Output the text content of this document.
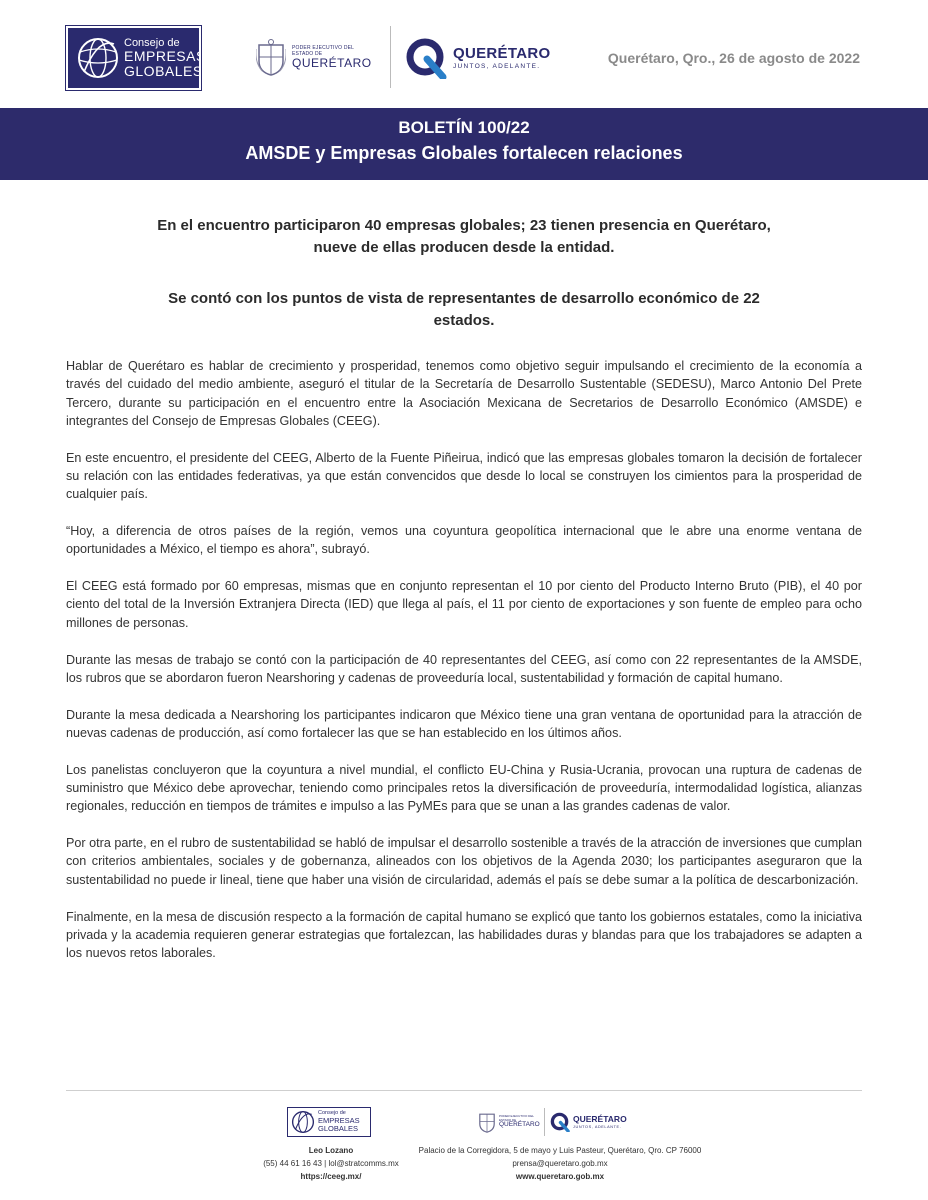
Consejo de
EMPRESAS
GLOBALES
PODER EJECUTIVO DEL ESTADO DE
QUERÉTARO
QUERÉTARO
JUNTOS, ADELANTE.
Querétaro, Qro., 26 de agosto de 2022
BOLETÍN 100/22
AMSDE y Empresas Globales fortalecen relaciones
En el encuentro participaron 40 empresas globales; 23 tienen presencia en Querétaro, nueve de ellas producen desde la entidad.
Se contó con los puntos de vista de representantes de desarrollo económico de 22 estados.

Hablar de Querétaro es hablar de crecimiento y prosperidad, tenemos como objetivo seguir impulsando el crecimiento de la economía a través del cuidado del medio ambiente, aseguró el titular de la Secretaría de Desarrollo Sustentable (SEDESU), Marco Antonio Del Prete Tercero, durante su participación en el encuentro entre la Asociación Mexicana de Secretarios de Desarrollo Económico (AMSDE) e integrantes del Consejo de Empresas Globales (CEEG).

En este encuentro, el presidente del CEEG, Alberto de la Fuente Piñeirua, indicó que las empresas globales tomaron la decisión de fortalecer su relación con las entidades federativas, ya que están convencidos que desde lo local se construyen los cimientos para la prosperidad de cualquier país.

“Hoy, a diferencia de otros países de la región, vemos una coyuntura geopolítica internacional que le abre una enorme ventana de oportunidades a México, el tiempo es ahora”, subrayó.

El CEEG está formado por 60 empresas, mismas que en conjunto representan el 10 por ciento del Producto Interno Bruto (PIB), el 40 por ciento del total de la Inversión Extranjera Directa (IED) que llega al país, el 11 por ciento de exportaciones y son fuente de empleo para ocho millones de personas.

Durante las mesas de trabajo se contó con la participación de 40 representantes del CEEG, así como con 22 representantes de la AMSDE, los rubros que se abordaron fueron Nearshoring y cadenas de proveeduría local, sustentabilidad y formación de capital humano.

Durante la mesa dedicada a Nearshoring los participantes indicaron que México tiene una gran ventana de oportunidad para la atracción de nuevas cadenas de producción, así como fortalecer las que se han establecido en los últimos años.

Los panelistas concluyeron que la coyuntura a nivel mundial, el conflicto EU-China y Rusia-Ucrania, provocan una ruptura de cadenas de suministro que México debe aprovechar, teniendo como principales retos la diversificación de proveeduría, intermodalidad logística, alianzas regionales, reducción en tiempos de trámites e impulso a las PyMEs para que se unan a las grandes cadenas de valor.

Por otra parte, en el rubro de sustentabilidad se habló de impulsar el desarrollo sostenible a través de la atracción de inversiones que cumplan con criterios ambientales, sociales y de gobernanza, alineados con los objetivos de la Agenda 2030; los participantes aseguraron que la sustentabilidad no puede ir lineal, tiene que haber una visión de circularidad, además el país se debe sumar a la política de descarbonización.

Finalmente, en la mesa de discusión respecto a la formación de capital humano se explicó que tanto los gobiernos estatales, como la iniciativa privada y la academia requieren generar estrategias que fortalezcan, las habilidades duras y blandas para que los trabajadores se adapten a los nuevos retos laborales.

Consejo de
EMPRESAS
GLOBALES
Leo Lozano
(55) 44 61 16 43 | lol@stratcomms.mx
https://ceeg.mx/
PODER EJECUTIVO DEL ESTADO DE
QUERÉTARO	QUERÉTARO
JUNTOS, ADELANTE.
Palacio de la Corregidora, 5 de mayo y Luis Pasteur, Querétaro, Qro. CP 76000
prensa@queretaro.gob.mx
www.queretaro.gob.mx
